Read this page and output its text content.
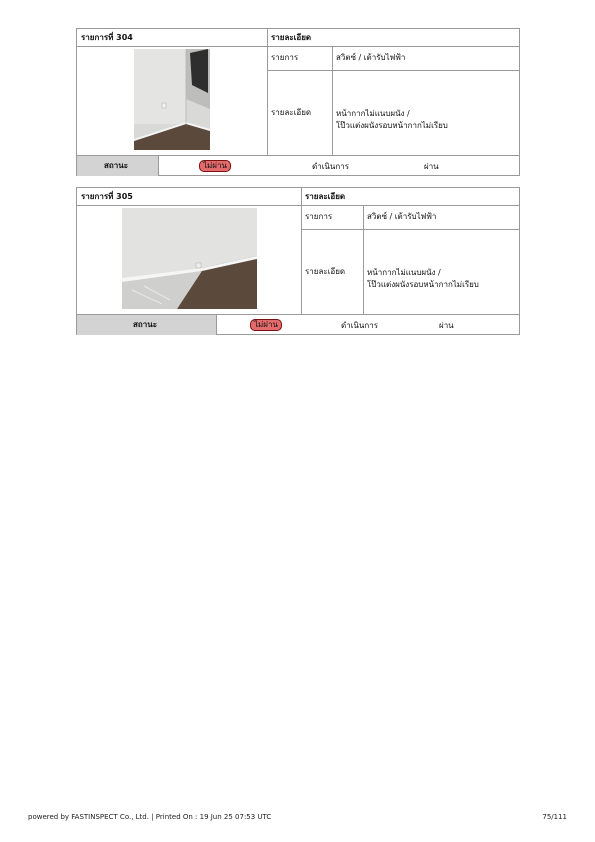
รายการที่ 304	รายละเอียด
รายการ	สวิตซ์ / เต้ารับไฟฟ้า
รายละเอียด	หน้ากากไม่แนบผนัง /
โป๊วแต่งผนังรอบหน้ากากไม่เรียบ
สถานะ	ไม่ผ่าน	ดำเนินการ	ผ่าน
รายการที่ 305	รายละเอียด
รายการ	สวิตซ์ / เต้ารับไฟฟ้า
รายละเอียด	หน้ากากไม่แนบผนัง /
โป๊วแต่งผนังรอบหน้ากากไม่เรียบ
สถานะ	ไม่ผ่าน	ดำเนินการ	ผ่าน
powered by FASTINSPECT Co., Ltd. | Printed On : 19 Jun 25 07:53 UTC	75/111
